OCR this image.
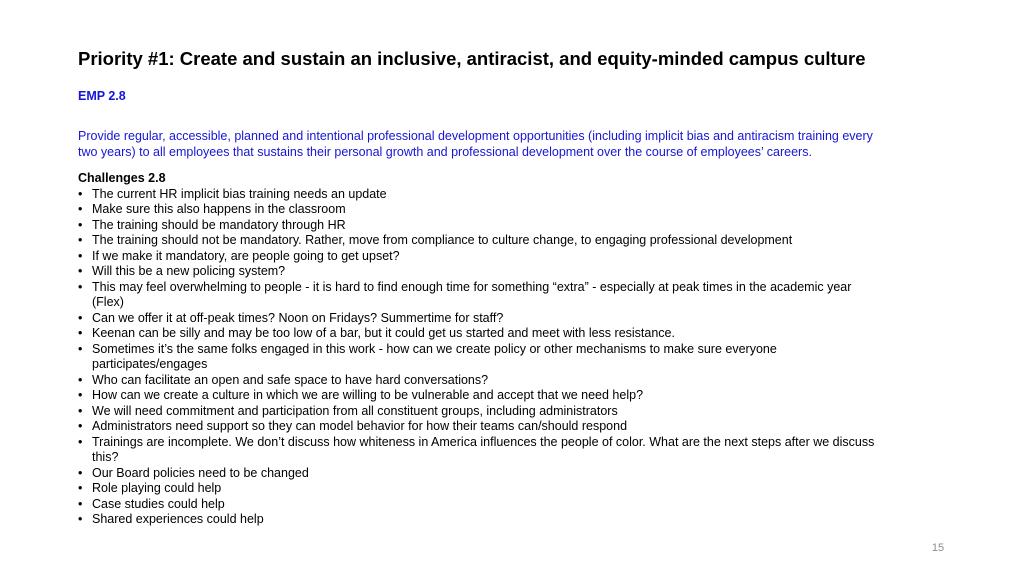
Priority #1: Create and sustain an inclusive, antiracist, and equity-minded campus culture
EMP 2.8
Provide regular, accessible, planned and intentional professional development opportunities (including implicit bias and antiracism training every two years) to all employees that sustains their personal growth and professional development over the course of employees’ careers.
Challenges 2.8
• The current HR implicit bias training needs an update
• Make sure this also happens in the classroom
• The training should be mandatory through HR
• The training should not be mandatory. Rather, move from compliance to culture change, to engaging professional development
• If we make it mandatory, are people going to get upset?
• Will this be a new policing system?
• This may feel overwhelming to people - it is hard to find enough time for something “extra” - especially at peak times in the academic year (Flex)
• Can we offer it at off-peak times? Noon on Fridays? Summertime for staff?
• Keenan can be silly and may be too low of a bar, but it could get us started and meet with less resistance.
• Sometimes it’s the same folks engaged in this work - how can we create policy or other mechanisms to make sure everyone participates/engages
• Who can facilitate an open and safe space to have hard conversations?
• How can we create a culture in which we are willing to be vulnerable and accept that we need help?
• We will need commitment and participation from all constituent groups, including administrators
• Administrators need support so they can model behavior for how their teams can/should respond
• Trainings are incomplete. We don’t discuss how whiteness in America influences the people of color. What are the next steps after we discuss this?
• Our Board policies need to be changed
• Role playing could help
• Case studies could help
• Shared experiences could help
15
